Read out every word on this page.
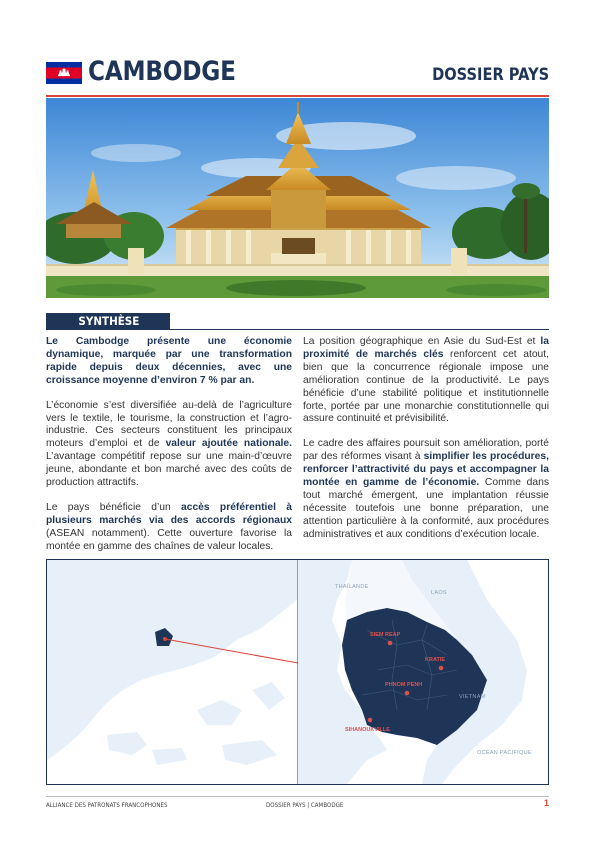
CAMBODGE	DOSSIER PAYS
SYNTHÈSE

Le Cambodge présente une économie dynamique, marquée par une transformation rapide depuis deux décennies, avec une croissance moyenne d’environ 7 % par an.

L’économie s’est diversifiée au-delà de l’agriculture vers le textile, le tourisme, la construction et l’agro-industrie. Ces secteurs constituent les principaux moteurs d’emploi et de valeur ajoutée nationale. L’avantage compétitif repose sur une main-d’œuvre jeune, abondante et bon marché avec des coûts de production attractifs.

Le pays bénéficie d’un accès préférentiel à plusieurs marchés via des accords régionaux (ASEAN notamment). Cette ouverture favorise la montée en gamme des chaînes de valeur locales.

La position géographique en Asie du Sud-Est et la proximité de marchés clés renforcent cet atout, bien que la concurrence régionale impose une amélioration continue de la productivité. Le pays bénéficie d’une stabilité politique et institutionnelle forte, portée par une monarchie constitutionnelle qui assure continuité et prévisibilité.

Le cadre des affaires poursuit son amélioration, porté par des réformes visant à simplifier les procédures, renforcer l’attractivité du pays et accompagner la montée en gamme de l’économie. Comme dans tout marché émergent, une implantation réussie nécessite toutefois une bonne préparation, une attention particulière à la conformité, aux procédures administratives et aux conditions d’exécution locale.

THAÏLANDE
LAOS
VIETNAM
OCÉAN PACIFIQUE
SIEM REAP
KRATIE
PHNOM PENH
SIHANOUKVILLE
ALLIANCE DES PATRONATS FRANCOPHONES	DOSSIER PAYS | CAMBODGE	1
